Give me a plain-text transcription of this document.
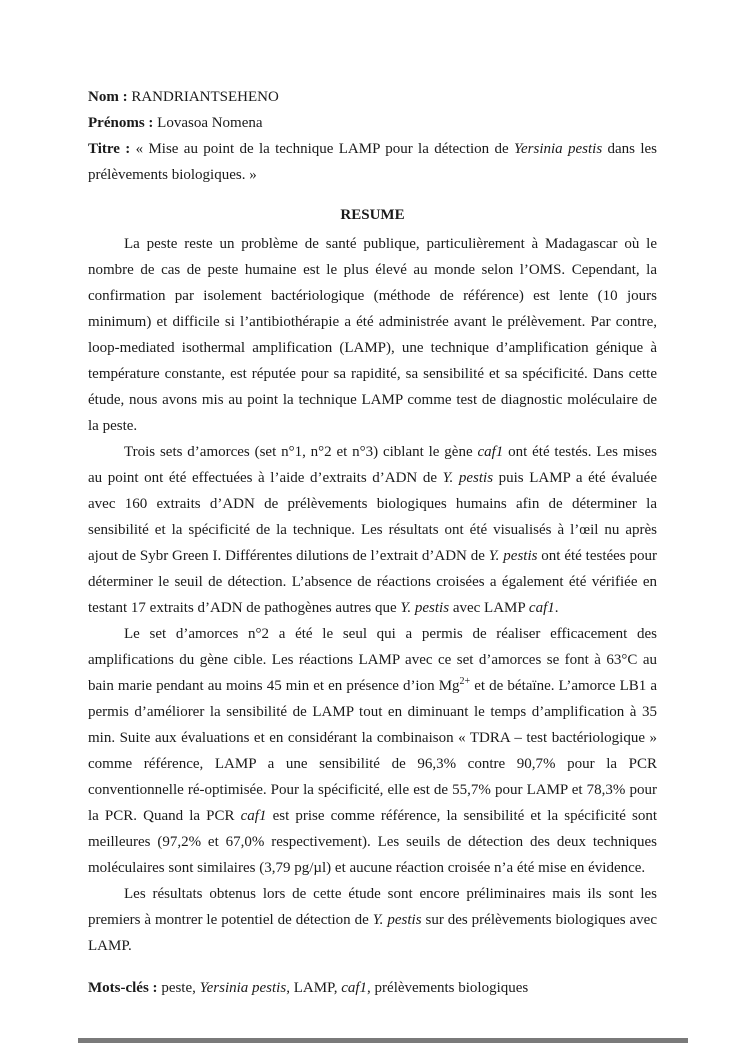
Nom : RANDRIANTSEHENO

Prénoms : Lovasoa Nomena

Titre : « Mise au point de la technique LAMP pour la détection de Yersinia pestis dans les prélèvements biologiques. »

RESUME

La peste reste un problème de santé publique, particulièrement à Madagascar où le nombre de cas de peste humaine est le plus élevé au monde selon l’OMS. Cependant, la confirmation par isolement bactériologique (méthode de référence) est lente (10 jours minimum) et difficile si l’antibiothérapie a été administrée avant le prélèvement. Par contre, loop-mediated isothermal amplification (LAMP), une technique d’amplification génique à température constante, est réputée pour sa rapidité, sa sensibilité et sa spécificité. Dans cette étude, nous avons mis au point la technique LAMP comme test de diagnostic moléculaire de la peste.

Trois sets d’amorces (set n°1, n°2 et n°3) ciblant le gène caf1 ont été testés. Les mises au point ont été effectuées à l’aide d’extraits d’ADN de Y. pestis puis LAMP a été évaluée avec 160 extraits d’ADN de prélèvements biologiques humains afin de déterminer la sensibilité et la spécificité de la technique. Les résultats ont été visualisés à l’œil nu après ajout de Sybr Green I. Différentes dilutions de l’extrait d’ADN de Y. pestis ont été testées pour déterminer le seuil de détection. L’absence de réactions croisées a également été vérifiée en testant 17 extraits d’ADN de pathogènes autres que Y. pestis avec LAMP caf1.

Le set d’amorces n°2 a été le seul qui a permis de réaliser efficacement des amplifications du gène cible. Les réactions LAMP avec ce set d’amorces se font à 63°C au bain marie pendant au moins 45 min et en présence d’ion $Mg^{2+}$ et de bétaïne. L’amorce LB1 a permis d’améliorer la sensibilité de LAMP tout en diminuant le temps d’amplification à 35 min. Suite aux évaluations et en considérant la combinaison « TDRA – test bactériologique » comme référence, LAMP a une sensibilité de 96,3% contre 90,7% pour la PCR conventionnelle ré-optimisée. Pour la spécificité, elle est de 55,7% pour LAMP et 78,3% pour la PCR. Quand la PCR caf1 est prise comme référence, la sensibilité et la spécificité sont meilleures (97,2% et 67,0% respectivement). Les seuils de détection des deux techniques moléculaires sont similaires (3,79 pg/µl) et aucune réaction croisée n’a été mise en évidence.

Les résultats obtenus lors de cette étude sont encore préliminaires mais ils sont les premiers à montrer le potentiel de détection de Y. pestis sur des prélèvements biologiques avec LAMP.

Mots-clés : peste, Yersinia pestis, LAMP, caf1, prélèvements biologiques
